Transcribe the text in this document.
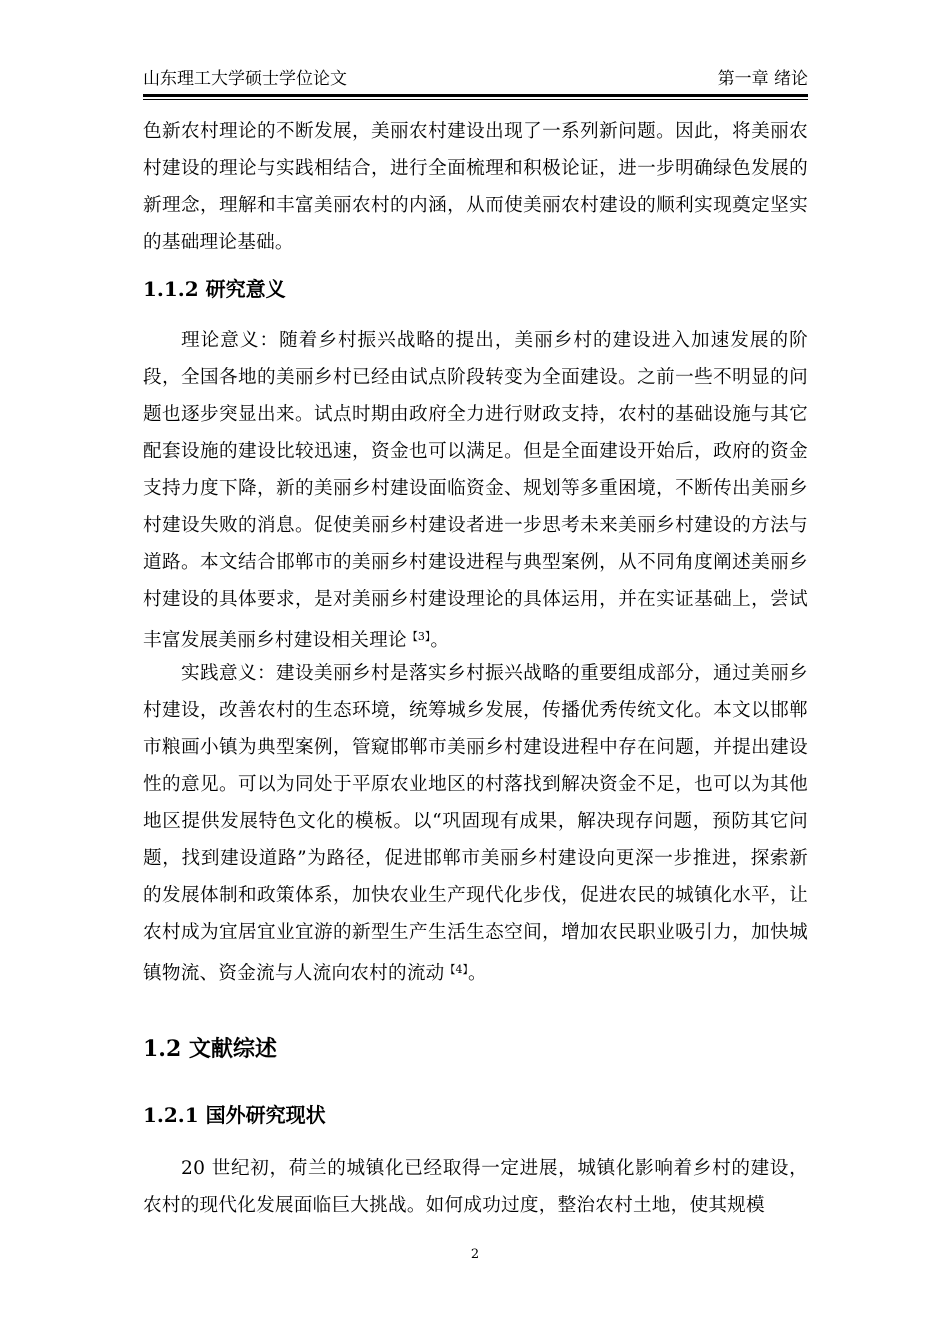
山东理工大学硕士学位论文	第一章 绪论

色新农村理论的不断发展，美丽农村建设出现了一系列新问题。因此，将美丽农村建设的理论与实践相结合，进行全面梳理和积极论证，进一步明确绿色发展的新理念，理解和丰富美丽农村的内涵，从而使美丽农村建设的顺利实现奠定坚实的基础理论基础。

1.1.2 研究意义

理论意义：随着乡村振兴战略的提出，美丽乡村的建设进入加速发展的阶段，全国各地的美丽乡村已经由试点阶段转变为全面建设。之前一些不明显的问题也逐步突显出来。试点时期由政府全力进行财政支持，农村的基础设施与其它配套设施的建设比较迅速，资金也可以满足。但是全面建设开始后，政府的资金支持力度下降，新的美丽乡村建设面临资金、规划等多重困境，不断传出美丽乡村建设失败的消息。促使美丽乡村建设者进一步思考未来美丽乡村建设的方法与道路。本文结合邯郸市的美丽乡村建设进程与典型案例，从不同角度阐述美丽乡村建设的具体要求，是对美丽乡村建设理论的具体运用，并在实证基础上，尝试丰富发展美丽乡村建设相关理论$^{【3】}$。

实践意义：建设美丽乡村是落实乡村振兴战略的重要组成部分，通过美丽乡村建设，改善农村的生态环境，统筹城乡发展，传播优秀传统文化。本文以邯郸市粮画小镇为典型案例，管窥邯郸市美丽乡村建设进程中存在问题，并提出建设性的意见。可以为同处于平原农业地区的村落找到解决资金不足，也可以为其他地区提供发展特色文化的模板。以“巩固现有成果，解决现存问题，预防其它问题，找到建设道路”为路径，促进邯郸市美丽乡村建设向更深一步推进，探索新的发展体制和政策体系，加快农业生产现代化步伐，促进农民的城镇化水平，让农村成为宜居宜业宜游的新型生产生活生态空间，增加农民职业吸引力，加快城镇物流、资金流与人流向农村的流动$^{【4】}$。

1.2 文献综述
1.2.1 国外研究现状

20 世纪初，荷兰的城镇化已经取得一定进展，城镇化影响着乡村的建设，农村的现代化发展面临巨大挑战。如何成功过度，整治农村土地，使其规模

2
